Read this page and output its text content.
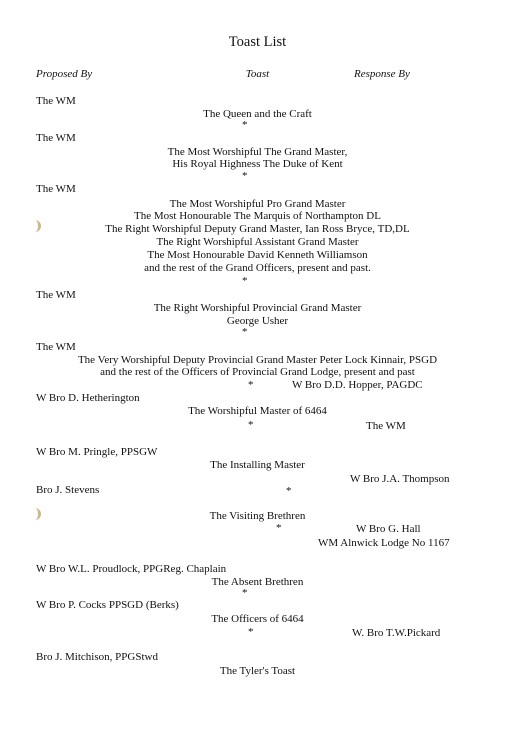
Toast List
Proposed By	Toast	Response By
The WM
The Queen and the Craft
*
The WM
The Most Worshipful The Grand Master,
His Royal Highness The Duke of Kent
*
The WM
The Most Worshipful Pro Grand Master
The Most Honourable The Marquis of Northampton DL
The Right Worshipful Deputy Grand Master, Ian Ross Bryce, TD,DL
The Right Worshipful Assistant Grand Master
The Most Honourable David Kenneth Williamson
and the rest of the Grand Officers, present and past.
*
The WM
The Right Worshipful Provincial Grand Master
George Usher
*
The WM
The Very Worshipful Deputy Provincial Grand Master Peter Lock Kinnair, PSGD
and the rest of the Officers of Provincial Grand Lodge, present and past
*	W Bro D.D. Hopper, PAGDC
W Bro D. Hetherington
The Worshipful Master of 6464
*	The WM
W Bro M. Pringle, PPSGW
The Installing Master
W Bro J.A. Thompson
Bro J. Stevens	*
The Visiting Brethren
*	W Bro G. Hall
WM Alnwick Lodge No 1167
W Bro W.L. Proudlock, PPGReg. Chaplain
The Absent Brethren
*
W Bro P. Cocks PPSGD (Berks)
The Officers of 6464
*	W. Bro T.W.Pickard
Bro J. Mitchison, PPGStwd
The Tyler's Toast
